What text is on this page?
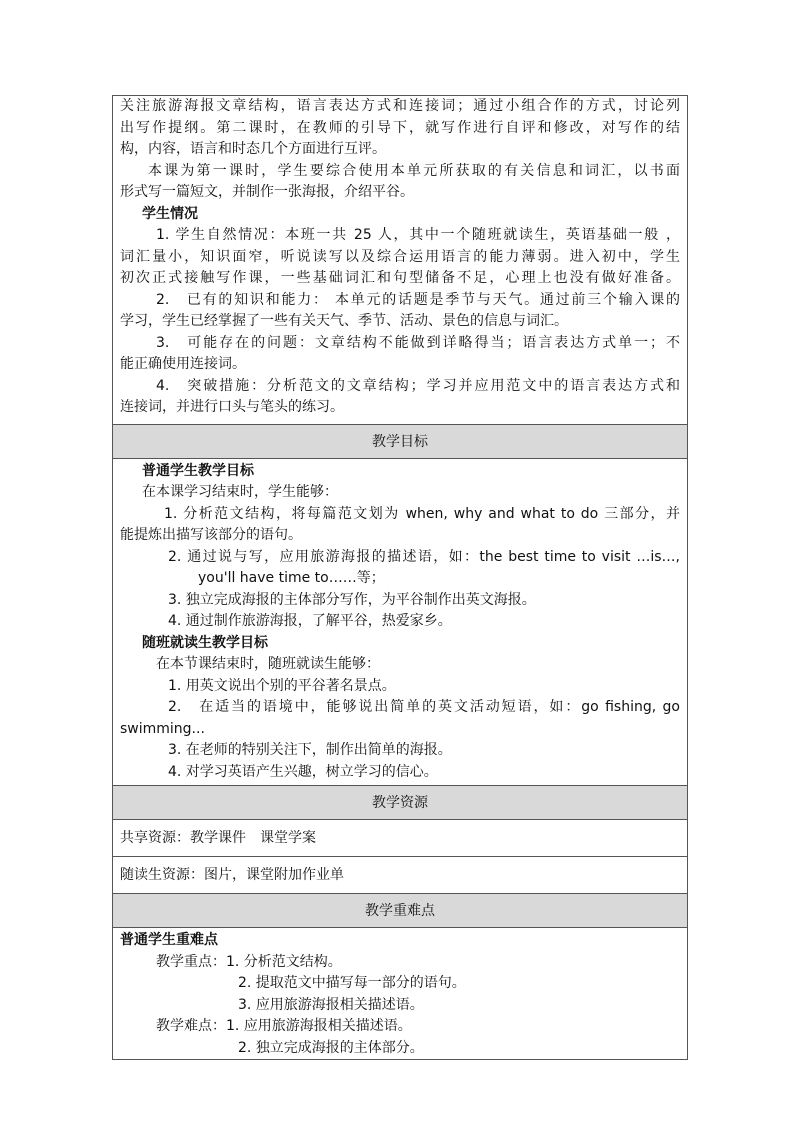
关注旅游海报文章结构，语言表达方式和连接词；通过小组合作的方式，讨论列

出写作提纲。第二课时，在教师的引导下，就写作进行自评和修改，对写作的结

构，内容，语言和时态几个方面进行互评。

本课为第一课时，学生要综合使用本单元所获取的有关信息和词汇，以书面

形式写一篇短文，并制作一张海报，介绍平谷。

学生情况

1. 学生自然情况：本班一共 25 人，其中一个随班就读生，英语基础一般 ，

词汇量小，知识面窄，听说读写以及综合运用语言的能力薄弱。进入初中，学生

初次正式接触写作课，一些基础词汇和句型储备不足，心理上也没有做好准备。

2.　已有的知识和能力： 本单元的话题是季节与天气。通过前三个输入课的

学习，学生已经掌握了一些有关天气、季节、活动、景色的信息与词汇。

3.　可能存在的问题：文章结构不能做到详略得当；语言表达方式单一；不

能正确使用连接词。

4.　突破措施：分析范文的文章结构；学习并应用范文中的语言表达方式和

连接词，并进行口头与笔头的练习。

教学目标

普通学生教学目标

在本课学习结束时，学生能够：

1. 分析范文结构，将每篇范文划为 when, why and what to do 三部分，并

能提炼出描写该部分的语句。

2. 通过说与写，应用旅游海报的描述语，如：the best time to visit …is…,

you'll have time to……等；

3. 独立完成海报的主体部分写作，为平谷制作出英文海报。

4. 通过制作旅游海报，了解平谷，热爱家乡。

随班就读生教学目标

在本节课结束时，随班就读生能够：

1. 用英文说出个别的平谷著名景点。

2.　在适当的语境中，能够说出简单的英文活动短语，如：go fishing, go

swimming...

3. 在老师的特别关注下，制作出简单的海报。

4. 对学习英语产生兴趣，树立学习的信心。

教学资源

共享资源：教学课件　课堂学案

随读生资源：图片，课堂附加作业单

教学重难点

普通学生重难点

教学重点：1. 分析范文结构。

2. 提取范文中描写每一部分的语句。

3. 应用旅游海报相关描述语。

教学难点：1. 应用旅游海报相关描述语。

2. 独立完成海报的主体部分。
